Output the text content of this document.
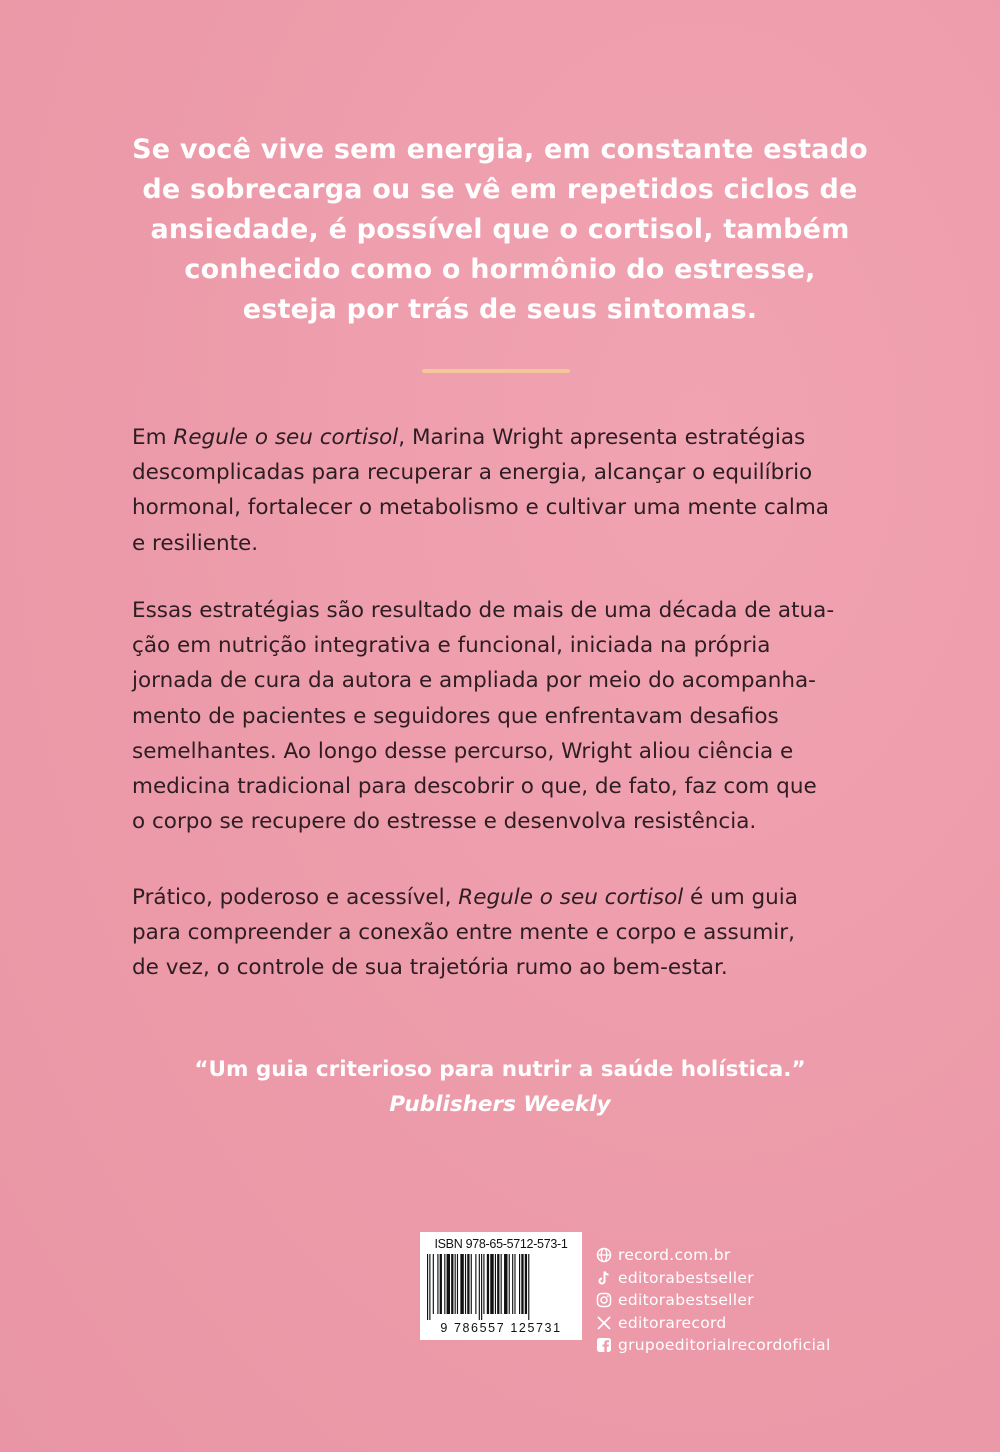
Se você vive sem energia, em constante estado
de sobrecarga ou se vê em repetidos ciclos de
ansiedade, é possível que o cortisol, também
conhecido como o hormônio do estresse,
esteja por trás de seus sintomas.
Em Regule o seu cortisol, Marina Wright apresenta estratégias
descomplicadas para recuperar a energia, alcançar o equilíbrio
hormonal, fortalecer o metabolismo e cultivar uma mente calma
e resiliente.
Essas estratégias são resultado de mais de uma década de atua-
ção em nutrição integrativa e funcional, iniciada na própria
jornada de cura da autora e ampliada por meio do acompanha-
mento de pacientes e seguidores que enfrentavam desafios
semelhantes. Ao longo desse percurso, Wright aliou ciência e
medicina tradicional para descobrir o que, de fato, faz com que
o corpo se recupere do estresse e desenvolva resistência.
Prático, poderoso e acessível, Regule o seu cortisol é um guia
para compreender a conexão entre mente e corpo e assumir,
de vez, o controle de sua trajetória rumo ao bem-estar.
“Um guia criterioso para nutrir a saúde holística.”
Publishers Weekly
ISBN 978-65-5712-573-1
9 786557 125731
record.com.br
editorabestseller
editorabestseller
editorarecord
grupoeditorialrecordoficial
